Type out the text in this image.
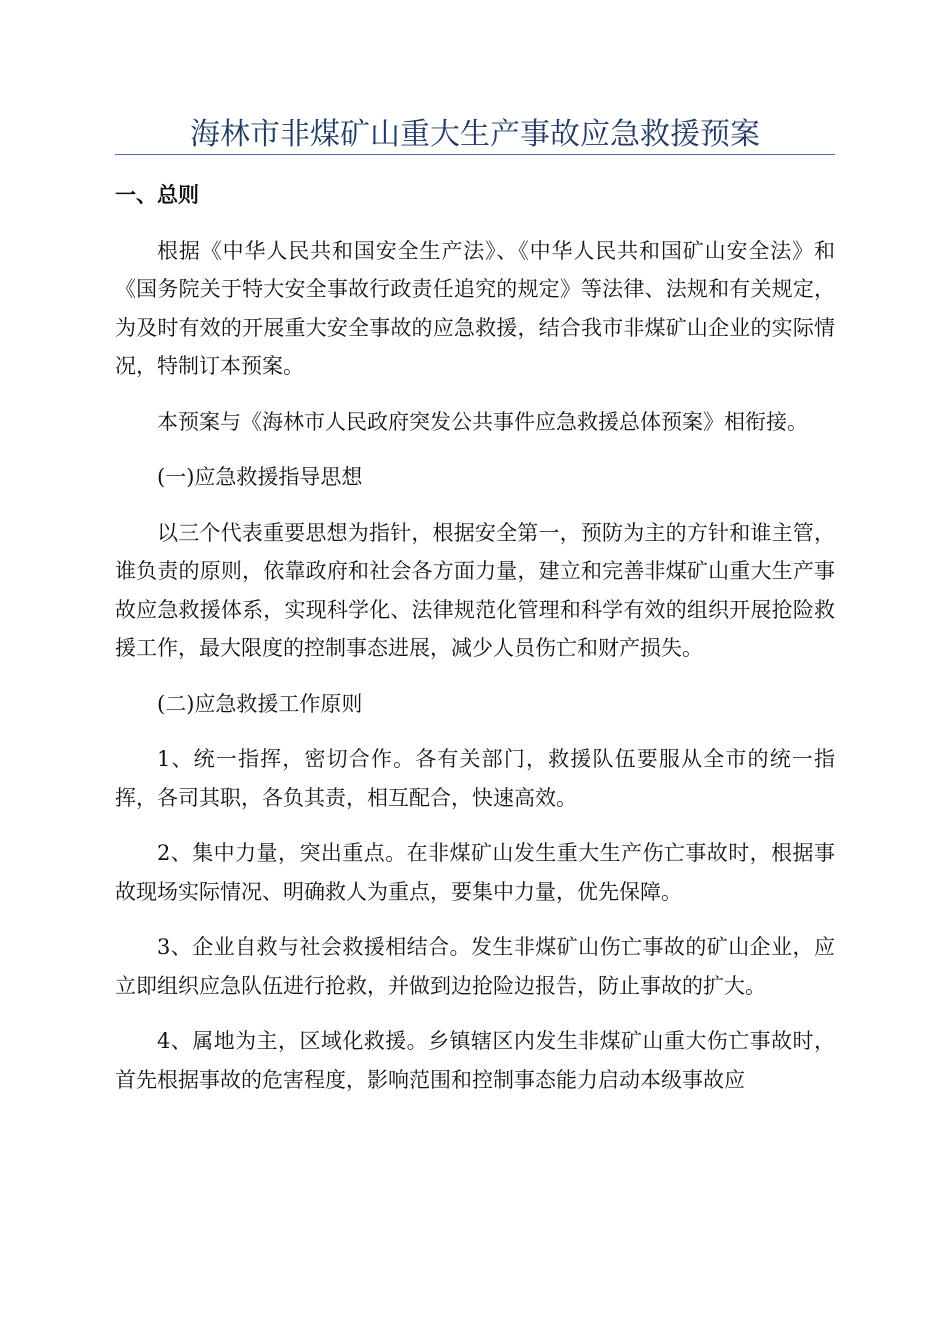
海林市非煤矿山重大生产事故应急救援预案
一、总则

根据《中华人民共和国安全生产法》、《中华人民共和国矿山安全法》和《国务院关于特大安全事故行政责任追究的规定》等法律、法规和有关规定，为及时有效的开展重大安全事故的应急救援，结合我市非煤矿山企业的实际情况，特制订本预案。

本预案与《海林市人民政府突发公共事件应急救援总体预案》相衔接。

(一)应急救援指导思想

以三个代表重要思想为指针，根据安全第一，预防为主的方针和谁主管，谁负责的原则，依靠政府和社会各方面力量，建立和完善非煤矿山重大生产事故应急救援体系，实现科学化、法律规范化管理和科学有效的组织开展抢险救援工作，最大限度的控制事态进展，减少人员伤亡和财产损失。

(二)应急救援工作原则

1、统一指挥，密切合作。各有关部门，救援队伍要服从全市的统一指挥，各司其职，各负其责，相互配合，快速高效。

2、集中力量，突出重点。在非煤矿山发生重大生产伤亡事故时，根据事故现场实际情况、明确救人为重点，要集中力量，优先保障。

3、企业自救与社会救援相结合。发生非煤矿山伤亡事故的矿山企业，应立即组织应急队伍进行抢救，并做到边抢险边报告，防止事故的扩大。

4、属地为主，区域化救援。乡镇辖区内发生非煤矿山重大伤亡事故时，首先根据事故的危害程度，影响范围和控制事态能力启动本级事故应
